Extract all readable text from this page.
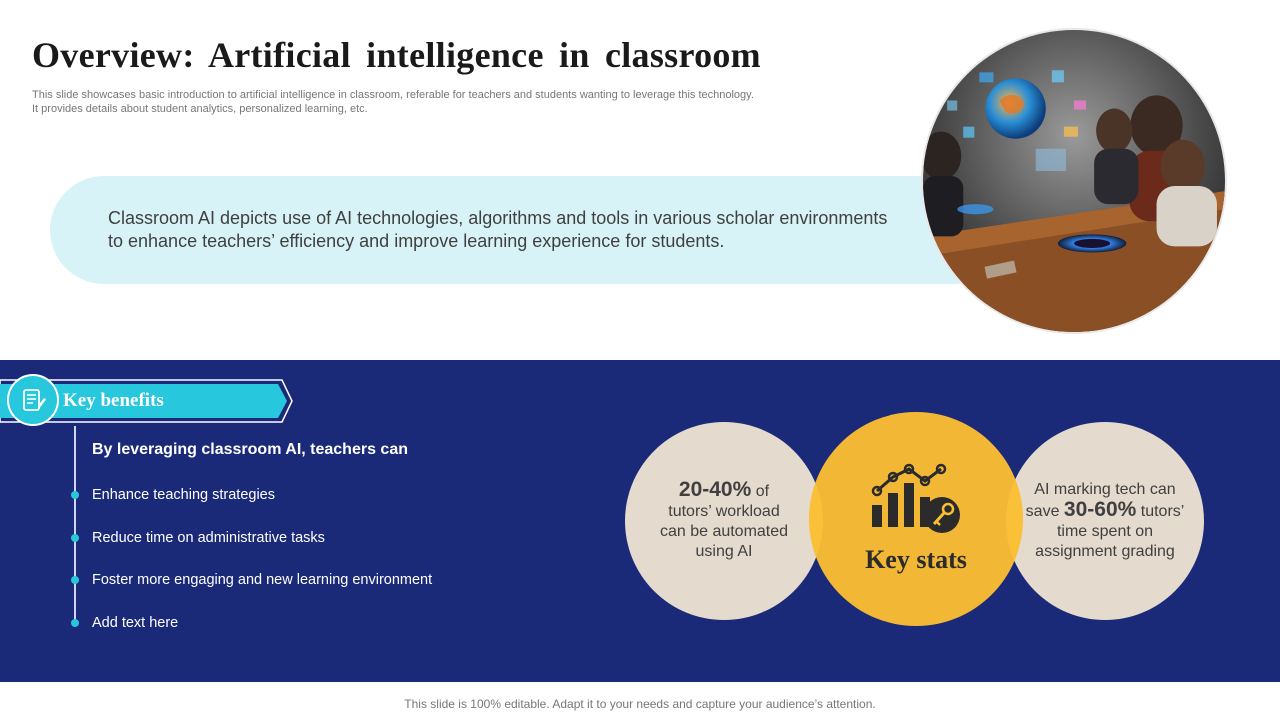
Overview: Artificial intelligence in classroom
This slide showcases basic introduction to artificial intelligence in classroom, referable for teachers and students wanting to leverage this technology.
It provides details about student analytics, personalized learning, etc.
Classroom AI depicts use of AI technologies, algorithms and tools in various scholar environments
to enhance teachers’ efficiency and improve learning experience for students.
Key benefits
By leveraging classroom AI, teachers can
Enhance teaching strategies
Reduce time on administrative tasks
Foster more engaging and new learning environment
Add text here
20-40% of
tutors’ workload
can be automated
using AI
AI marking tech can
save 30-60% tutors’
time spent on
assignment grading
Key stats
This slide is 100% editable. Adapt it to your needs and capture your audience’s attention.
